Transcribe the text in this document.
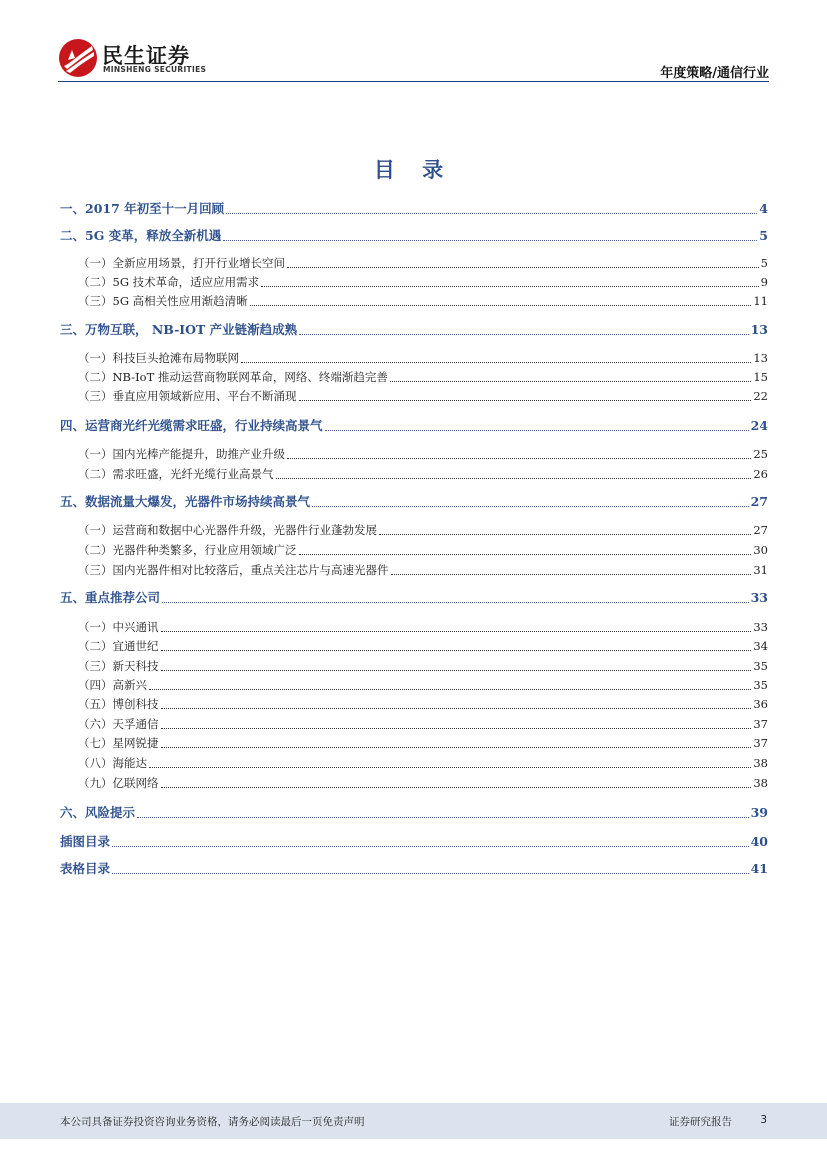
民生证券
MINSHENG SECURITIES	年度策略/通信行业
目 录
一、2017 年初至十一月回顾	4
二、5G 变革，释放全新机遇	5
（一）全新应用场景，打开行业增长空间	5
（二）5G 技术革命，适应应用需求	9
（三）5G 高相关性应用渐趋清晰	11
三、万物互联， NB-IOT 产业链渐趋成熟	13
（一）科技巨头抢滩布局物联网	13
（二）NB-IoT 推动运营商物联网革命，网络、终端渐趋完善	15
（三）垂直应用领域新应用、平台不断涌现	22
四、运营商光纤光缆需求旺盛，行业持续高景气	24
（一）国内光棒产能提升，助推产业升级	25
（二）需求旺盛，光纤光缆行业高景气	26
五、数据流量大爆发，光器件市场持续高景气	27
（一）运营商和数据中心光器件升级，光器件行业蓬勃发展	27
（二）光器件种类繁多，行业应用领域广泛	30
（三）国内光器件相对比较落后，重点关注芯片与高速光器件	31
五、重点推荐公司	33
（一）中兴通讯	33
（二）宜通世纪	34
（三）新天科技	35
（四）高新兴	35
（五）博创科技	36
（六）天孚通信	37
（七）星网锐捷	37
（八）海能达	38
（九）亿联网络	38
六、风险提示	39
插图目录	40
表格目录	41
本公司具备证券投资咨询业务资格，请务必阅读最后一页免责声明	证券研究报告	3
